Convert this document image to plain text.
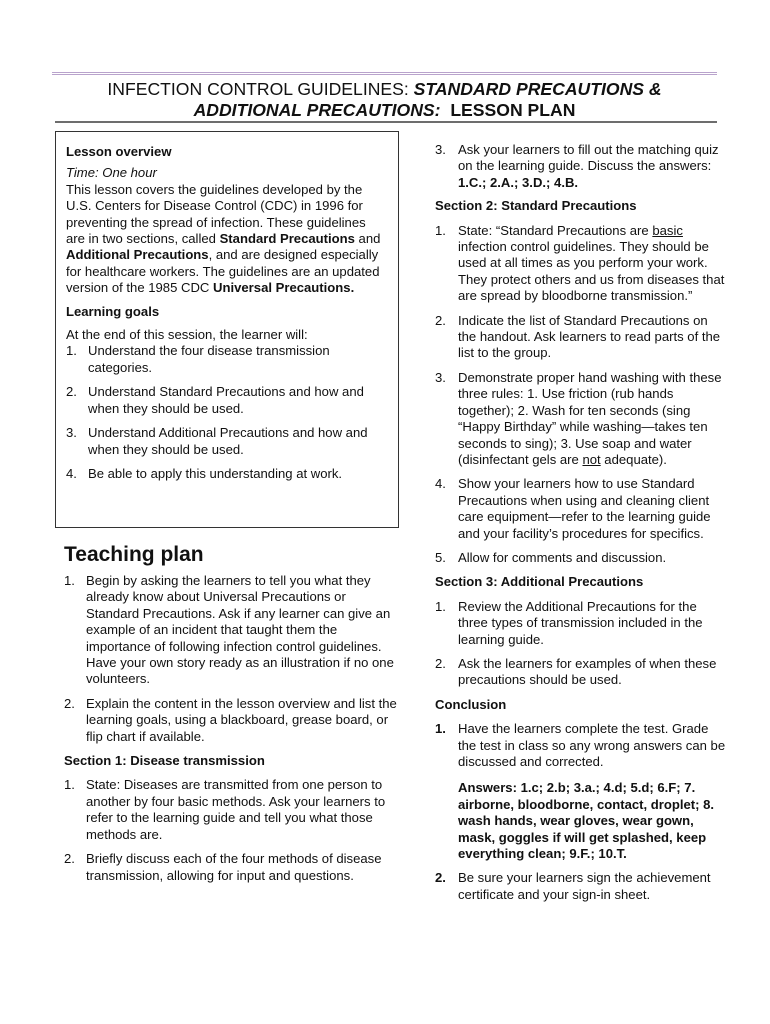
INFECTION CONTROL GUIDELINES: STANDARD PRECAUTIONS &
ADDITIONAL PRECAUTIONS: LESSON PLAN
Lesson overview
Time: One hour
This lesson covers the guidelines developed by the U.S. Centers for Disease Control (CDC) in 1996 for preventing the spread of infection. These guidelines are in two sections, called Standard Precautions and Additional Precautions, and are designed especially for healthcare workers. The guidelines are an updated version of the 1985 CDC Universal Precautions.
Learning goals
At the end of this session, the learner will:
1. Understand the four disease transmission categories.
2. Understand Standard Precautions and how and when they should be used.
3. Understand Additional Precautions and how and when they should be used.
4. Be able to apply this understanding at work.
Teaching plan
1. Begin by asking the learners to tell you what they already know about Universal Precautions or Standard Precautions. Ask if any learner can give an example of an incident that taught them the importance of following infection control guidelines. Have your own story ready as an illustration if no one volunteers.
2. Explain the content in the lesson overview and list the learning goals, using a blackboard, grease board, or flip chart if available.
Section 1: Disease transmission
1. State: Diseases are transmitted from one person to another by four basic methods. Ask your learners to refer to the learning guide and tell you what those methods are.
2. Briefly discuss each of the four methods of disease transmission, allowing for input and questions.
3. Ask your learners to fill out the matching quiz on the learning guide. Discuss the answers: 1.C.; 2.A.; 3.D.; 4.B.
Section 2: Standard Precautions
1. State: “Standard Precautions are basic infection control guidelines. They should be used at all times as you perform your work. They protect others and us from diseases that are spread by bloodborne transmission.”
2. Indicate the list of Standard Precautions on the handout. Ask learners to read parts of the list to the group.
3. Demonstrate proper hand washing with these three rules: 1. Use friction (rub hands together); 2. Wash for ten seconds (sing “Happy Birthday” while washing—takes ten seconds to sing); 3. Use soap and water (disinfectant gels are not adequate).
4. Show your learners how to use Standard Precautions when using and cleaning client care equipment—refer to the learning guide and your facility’s procedures for specifics.
5. Allow for comments and discussion.
Section 3: Additional Precautions
1. Review the Additional Precautions for the three types of transmission included in the learning guide.
2. Ask the learners for examples of when these precautions should be used.
Conclusion
1. Have the learners complete the test. Grade the test in class so any wrong answers can be discussed and corrected.
Answers: 1.c; 2.b; 3.a.; 4.d; 5.d; 6.F; 7. airborne, bloodborne, contact, droplet; 8. wash hands, wear gloves, wear gown, mask, goggles if will get splashed, keep everything clean; 9.F.; 10.T.
2. Be sure your learners sign the achievement certificate and your sign-in sheet.
